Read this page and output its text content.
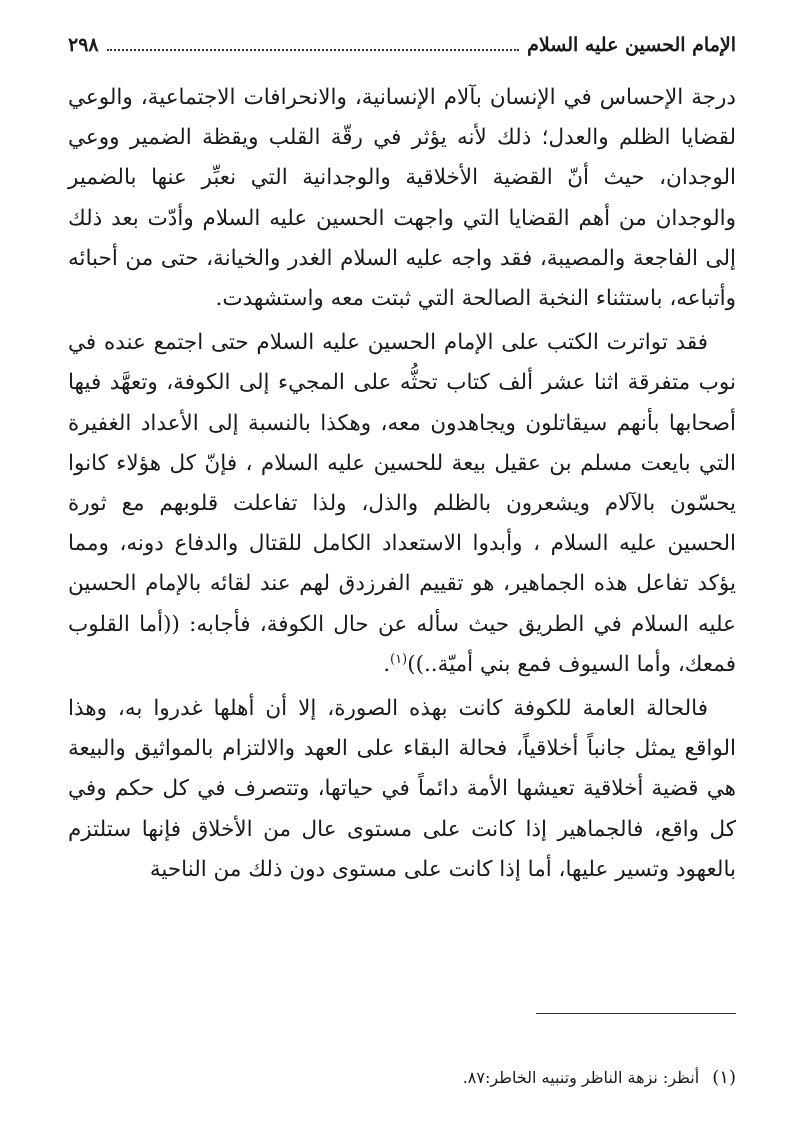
الإمام الحسين عليه السلام
٢٩٨

درجة الإحساس في الإنسان بآلام الإنسانية، والانحرافات الاجتماعية، والوعي لقضايا الظلم والعدل؛ ذلك لأنه يؤثر في رقّة القلب ويقظة الضمير ووعي الوجدان، حيث أنّ القضية الأخلاقية والوجدانية التي نعبِّر عنها بالضمير والوجدان من أهم القضايا التي واجهت الحسين عليه السلام وأدّت بعد ذلك إلى الفاجعة والمصيبة، فقد واجه عليه السلام الغدر والخيانة، حتى من أحبائه وأتباعه، باستثناء النخبة الصالحة التي ثبتت معه واستشهدت.

فقد تواترت الكتب على الإمام الحسين عليه السلام حتى اجتمع عنده في نوب متفرقة اثنا عشر ألف كتاب تحثُّه على المجيء إلى الكوفة، وتعهَّد فيها أصحابها بأنهم سيقاتلون ويجاهدون معه، وهكذا بالنسبة إلى الأعداد الغفيرة التي بايعت مسلم بن عقيل بيعة للحسين عليه السلام ، فإنّ كل هؤلاء كانوا يحسّون بالآلام ويشعرون بالظلم والذل، ولذا تفاعلت قلوبهم مع ثورة الحسين عليه السلام ، وأبدوا الاستعداد الكامل للقتال والدفاع دونه، ومما يؤكد تفاعل هذه الجماهير، هو تقييم الفرزدق لهم عند لقائه بالإمام الحسين عليه السلام في الطريق حيث سأله عن حال الكوفة، فأجابه: ((أما القلوب فمعك، وأما السيوف فمع بني أميّة..))$^{(١)}$.

فالحالة العامة للكوفة كانت بهذه الصورة، إلا أن أهلها غدروا به، وهذا الواقع يمثل جانباً أخلاقياً، فحالة البقاء على العهد والالتزام بالمواثيق والبيعة هي قضية أخلاقية تعيشها الأمة دائماً في حياتها، وتتصرف في كل حكم وفي كل واقع، فالجماهير إذا كانت على مستوى عال من الأخلاق فإنها ستلتزم بالعهود وتسير عليها، أما إذا كانت على مستوى دون ذلك من الناحية

(١) أنظر: نزهة الناظر وتنبيه الخاطر:٨٧.
